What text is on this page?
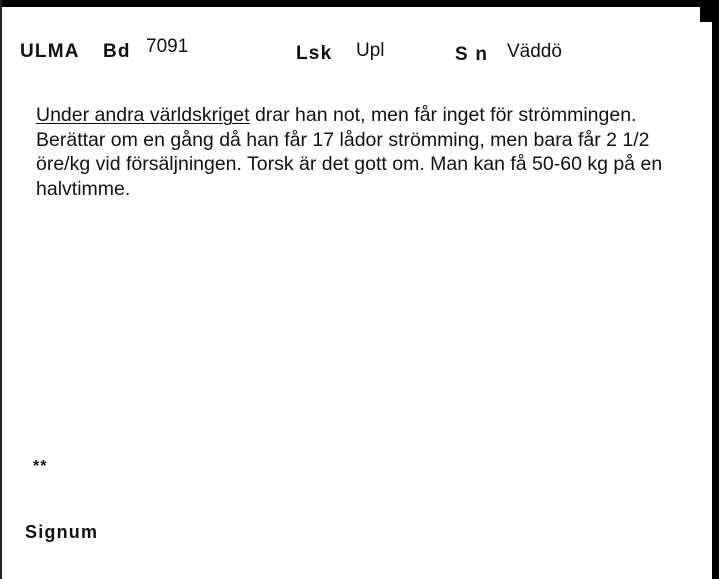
ULMA Bd 7091	Lsk Upl	S n Väddö
Under andra världskriget drar han not, men får inget för strömmingen. Berättar om en gång då han får 17 lådor strömming, men bara får 2 1/2 öre/kg vid försäljningen. Torsk är det gott om. Man kan få 50-60 kg på en halvtimme.
**
Signum
